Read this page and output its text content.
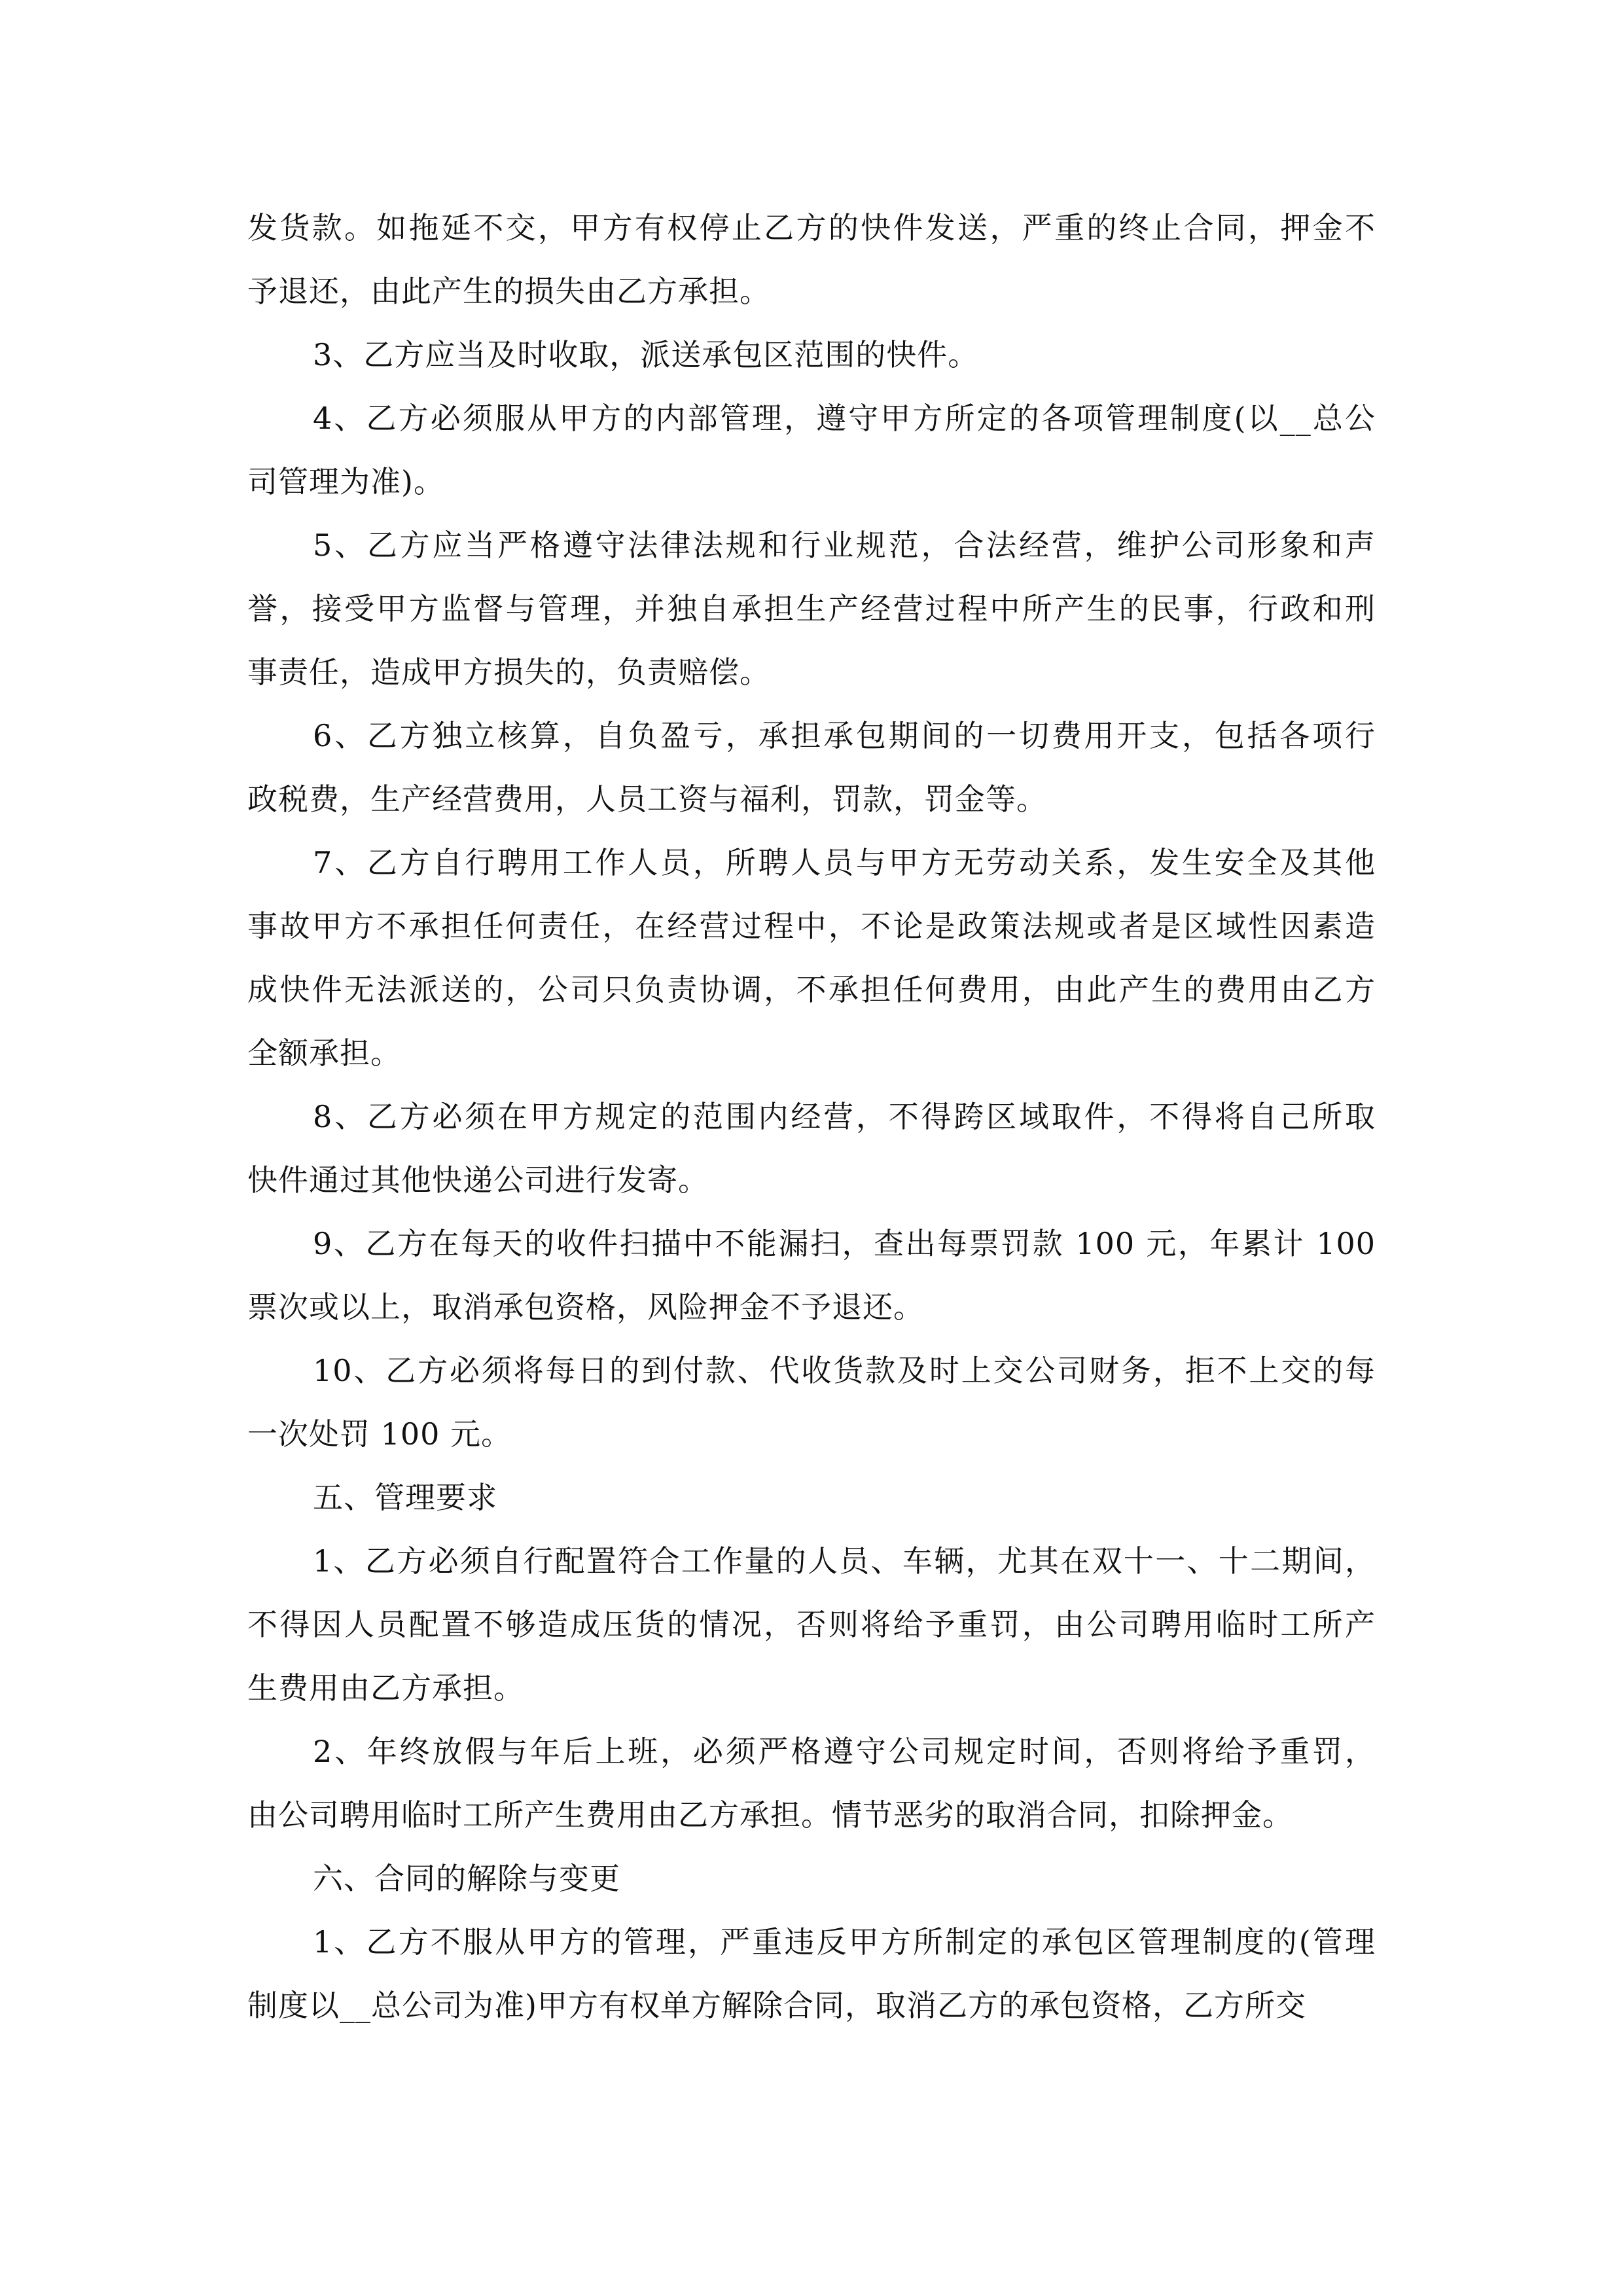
发货款。如拖延不交，甲方有权停止乙方的快件发送，严重的终止合同，押金不
予退还，由此产生的损失由乙方承担。
3、乙方应当及时收取，派送承包区范围的快件。
4、乙方必须服从甲方的内部管理，遵守甲方所定的各项管理制度(以__总公
司管理为准)。
5、乙方应当严格遵守法律法规和行业规范，合法经营，维护公司形象和声
誉，接受甲方监督与管理，并独自承担生产经营过程中所产生的民事，行政和刑
事责任，造成甲方损失的，负责赔偿。
6、乙方独立核算，自负盈亏，承担承包期间的一切费用开支，包括各项行
政税费，生产经营费用，人员工资与福利，罚款，罚金等。
7、乙方自行聘用工作人员，所聘人员与甲方无劳动关系，发生安全及其他
事故甲方不承担任何责任，在经营过程中，不论是政策法规或者是区域性因素造
成快件无法派送的，公司只负责协调，不承担任何费用，由此产生的费用由乙方
全额承担。
8、乙方必须在甲方规定的范围内经营，不得跨区域取件，不得将自己所取
快件通过其他快递公司进行发寄。
9、乙方在每天的收件扫描中不能漏扫，查出每票罚款 100 元，年累计 100
票次或以上，取消承包资格，风险押金不予退还。
10、乙方必须将每日的到付款、代收货款及时上交公司财务，拒不上交的每
一次处罚 100 元。
五、管理要求
1、乙方必须自行配置符合工作量的人员、车辆，尤其在双十一、十二期间，
不得因人员配置不够造成压货的情况，否则将给予重罚，由公司聘用临时工所产
生费用由乙方承担。
2、年终放假与年后上班，必须严格遵守公司规定时间，否则将给予重罚，
由公司聘用临时工所产生费用由乙方承担。情节恶劣的取消合同，扣除押金。
六、合同的解除与变更
1、乙方不服从甲方的管理，严重违反甲方所制定的承包区管理制度的(管理
制度以__总公司为准)甲方有权单方解除合同，取消乙方的承包资格，乙方所交
